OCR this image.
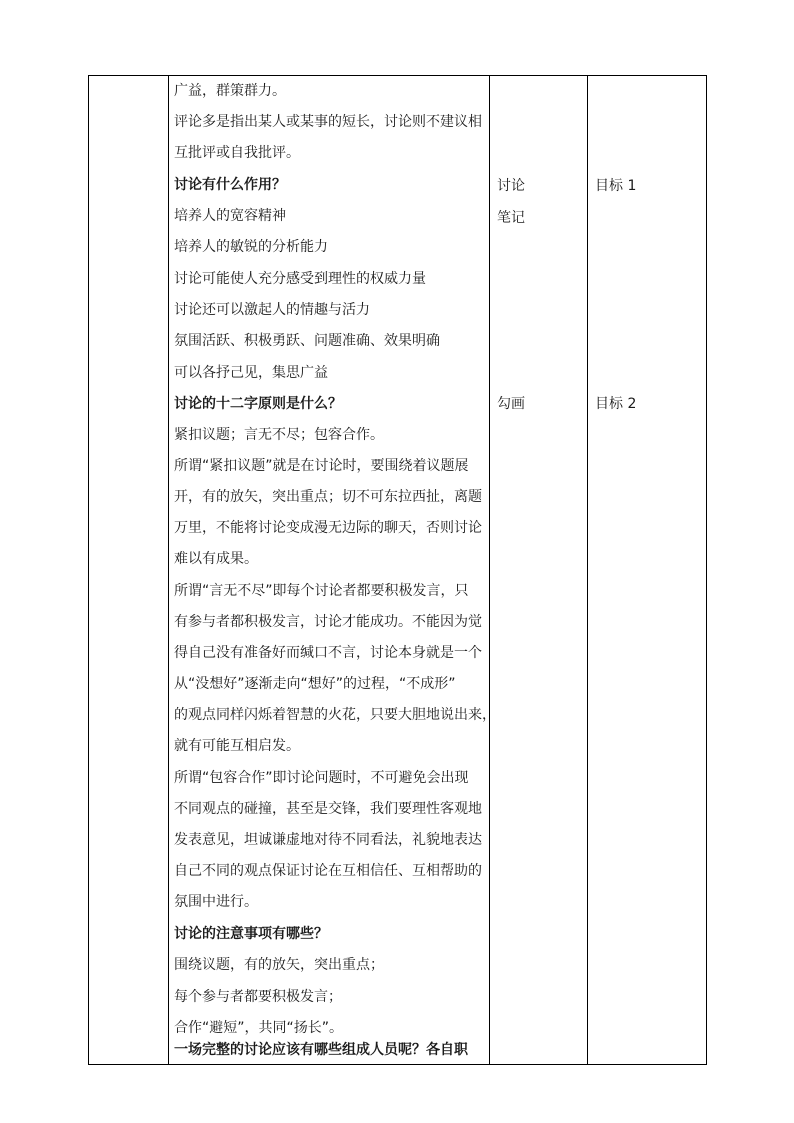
广益，群策群力。
评论多是指出某人或某事的短长，讨论则不建议相
互批评或自我批评。
讨论有什么作用？
培养人的宽容精神
培养人的敏锐的分析能力
讨论可能使人充分感受到理性的权威力量
讨论还可以激起人的情趣与活力
氛围活跃、积极勇跃、问题准确、效果明确
可以各抒己见，集思广益
讨论的十二字原则是什么？
紧扣议题；言无不尽；包容合作。
所谓“紧扣议题”就是在讨论时，要围绕着议题展
开，有的放矢，突出重点；切不可东拉西扯，离题
万里，不能将讨论变成漫无边际的聊天，否则讨论
难以有成果。
所谓“言无不尽”即每个讨论者都要积极发言，只
有参与者都积极发言，讨论才能成功。不能因为觉
得自己没有准备好而缄口不言，讨论本身就是一个
从“没想好”逐渐走向“想好”的过程，“不成形”
的观点同样闪烁着智慧的火花，只要大胆地说出来，
就有可能互相启发。
所谓“包容合作”即讨论问题时，不可避免会出现
不同观点的碰撞，甚至是交锋，我们要理性客观地
发表意见，坦诚谦虚地对待不同看法，礼貌地表达
自己不同的观点保证讨论在互相信任、互相帮助的
氛围中进行。
讨论的注意事项有哪些？
围绕议题，有的放矢，突出重点；
每个参与者都要积极发言；
合作“避短”，共同“扬长”。
一场完整的讨论应该有哪些组成人员呢？各自职
讨论
笔记
勾画
目标 1
目标 2
